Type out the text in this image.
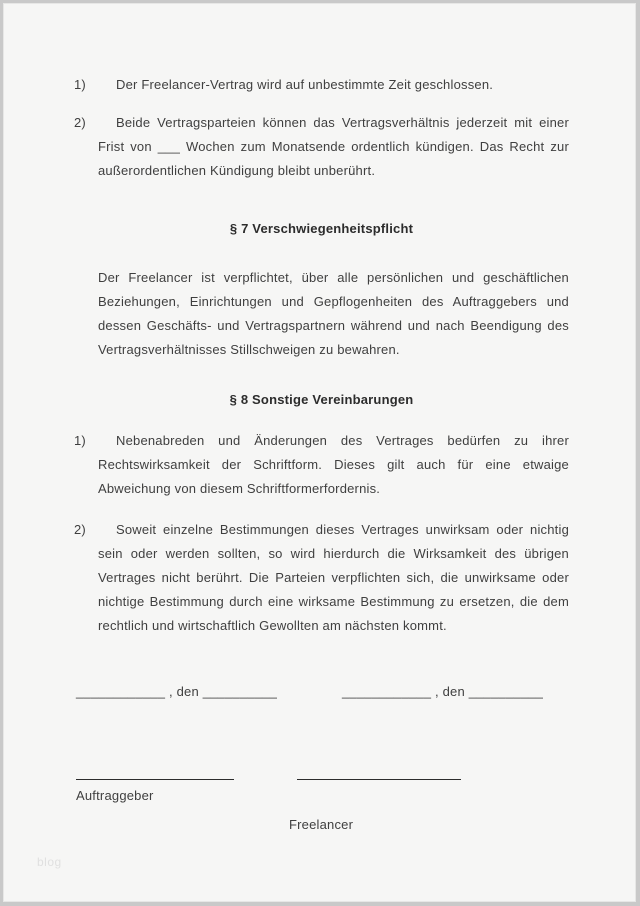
1)	Der Freelancer-Vertrag wird auf unbestimmte Zeit geschlossen.
2)	Beide Vertragsparteien können das Vertragsverhältnis jederzeit mit einer Frist von ___ Wochen zum Monatsende ordentlich kündigen. Das Recht zur außerordentlichen Kündigung bleibt unberührt.
§ 7 Verschwiegenheitspflicht
Der Freelancer ist verpflichtet, über alle persönlichen und geschäftlichen Beziehungen, Einrichtungen und Gepflogenheiten des Auftraggebers und dessen Geschäfts- und Vertragspartnern während und nach Beendigung des Vertragsverhältnisses Stillschweigen zu bewahren.
§ 8 Sonstige Vereinbarungen
1)	Nebenabreden und Änderungen des Vertrages bedürfen zu ihrer Rechtswirksamkeit der Schriftform. Dieses gilt auch für eine etwaige Abweichung von diesem Schriftformerfordernis.
2)	Soweit einzelne Bestimmungen dieses Vertrages unwirksam oder nichtig sein oder werden sollten, so wird hierdurch die Wirksamkeit des übrigen Vertrages nicht berührt. Die Parteien verpflichten sich, die unwirksame oder nichtige Bestimmung durch eine wirksame Bestimmung zu ersetzen, die dem rechtlich und wirtschaftlich Gewollten am nächsten kommt.
____________ , den __________	____________ , den __________
Auftraggeber
Freelancer
blog
